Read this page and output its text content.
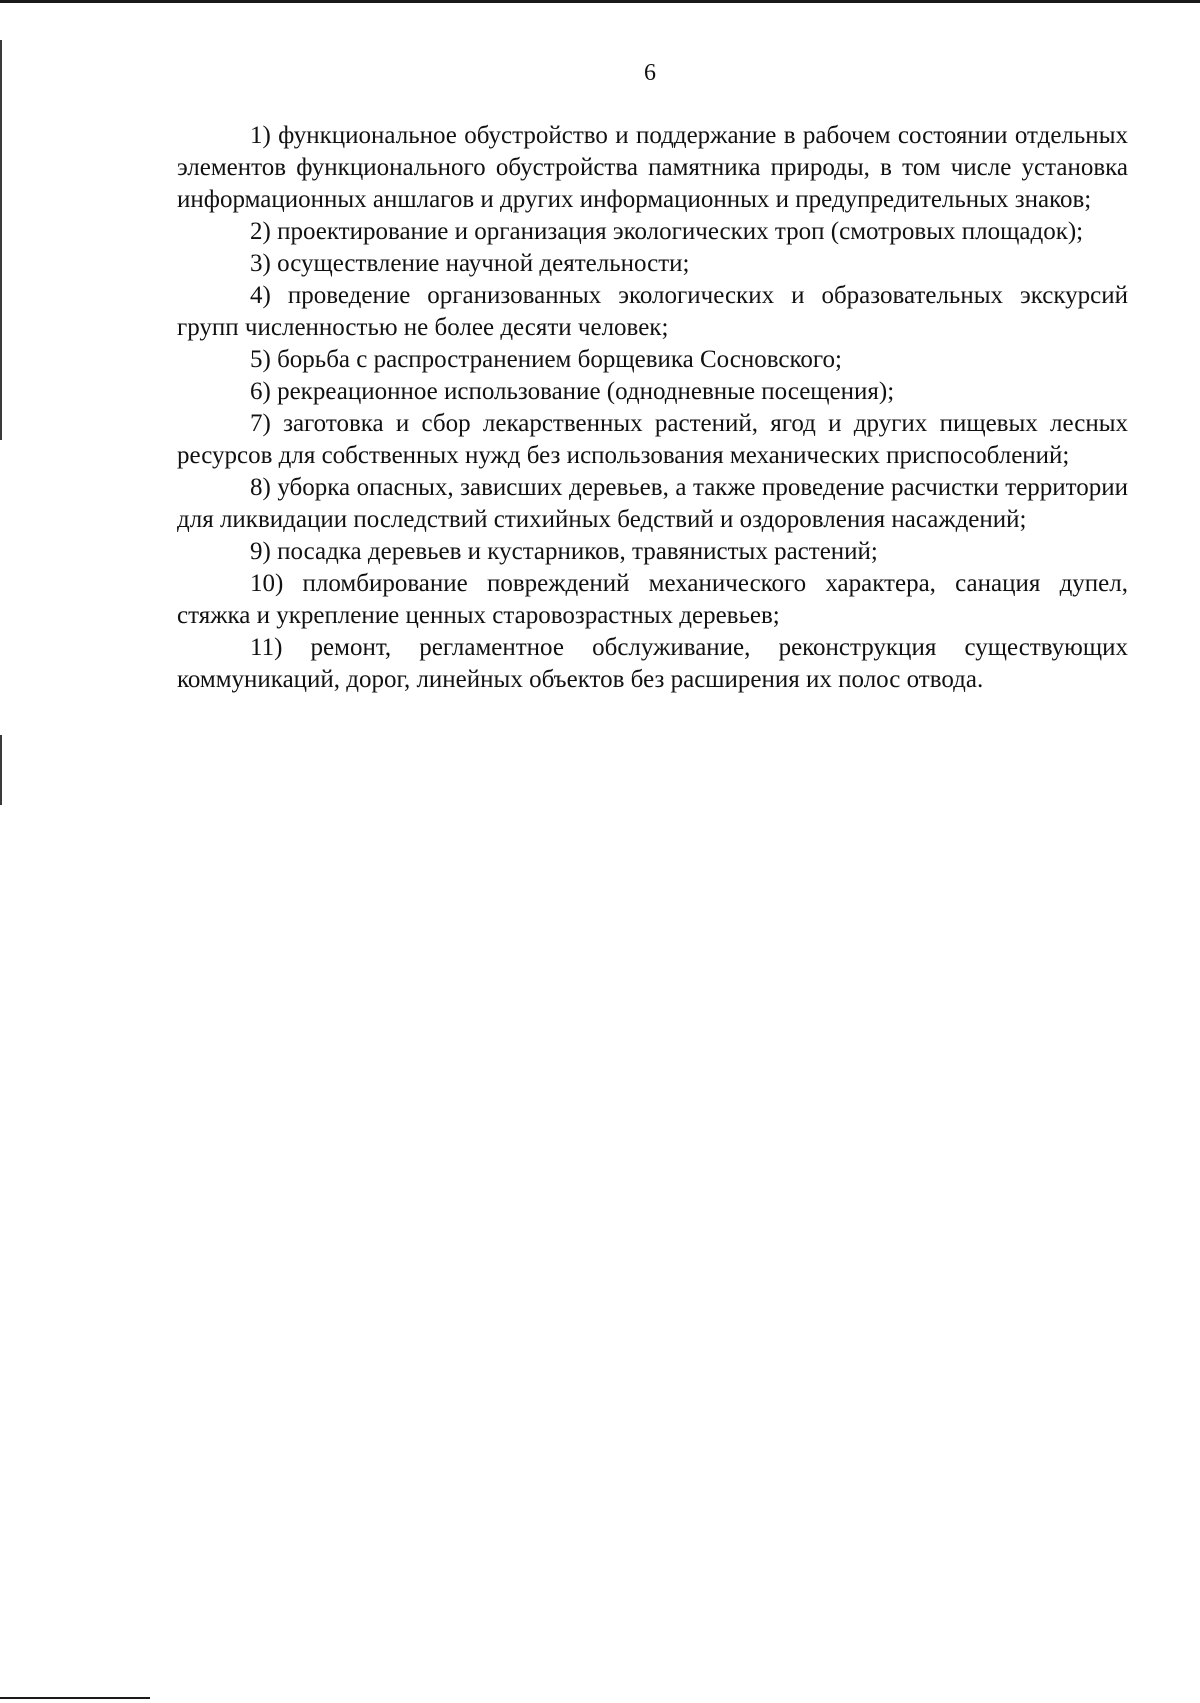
6

1) функциональное обустройство и поддержание в рабочем состоянии отдельных элементов функционального обустройства памятника природы, в том числе установка информационных аншлагов и других информационных и предупредительных знаков;

2) проектирование и организация экологических троп (смотровых площадок);

3) осуществление научной деятельности;

4) проведение организованных экологических и образовательных экскурсий групп численностью не более десяти человек;

5) борьба с распространением борщевика Сосновского;

6) рекреационное использование (однодневные посещения);

7) заготовка и сбор лекарственных растений, ягод и других пищевых лесных ресурсов для собственных нужд без использования механических приспособлений;

8) уборка опасных, зависших деревьев, а также проведение расчистки территории для ликвидации последствий стихийных бедствий и оздоровления насаждений;

9) посадка деревьев и кустарников, травянистых растений;

10) пломбирование повреждений механического характера, санация дупел, стяжка и укрепление ценных старовозрастных деревьев;

11) ремонт, регламентное обслуживание, реконструкция существующих коммуникаций, дорог, линейных объектов без расширения их полос отвода.
